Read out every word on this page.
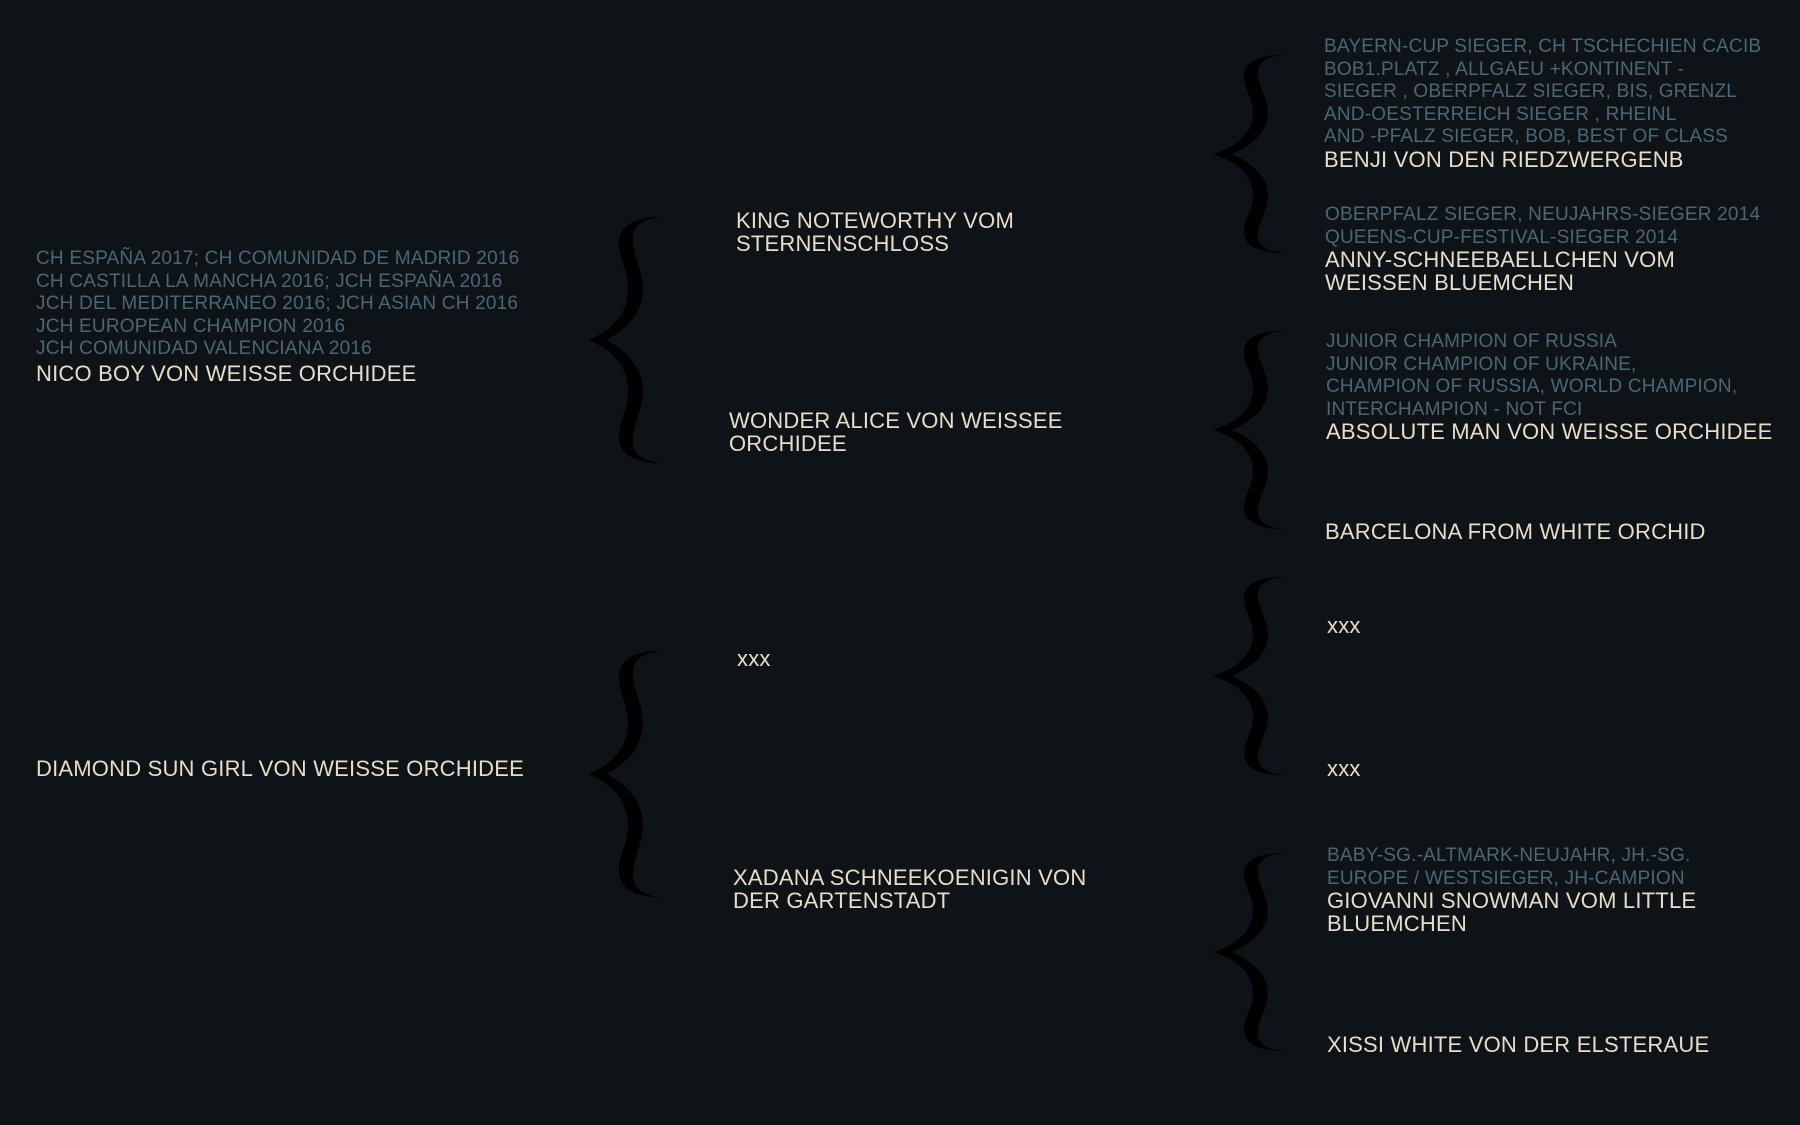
CH ESPAÑA 2017; CH COMUNIDAD DE MADRID 2016
CH CASTILLA LA MANCHA 2016; JCH ESPAÑA 2016
JCH DEL MEDITERRANEO 2016; JCH ASIAN CH 2016
JCH EUROPEAN CHAMPION 2016
JCH COMUNIDAD VALENCIANA 2016
NICO BOY VON WEISSE ORCHIDEE
DIAMOND SUN GIRL VON WEISSE ORCHIDEE
KING NOTEWORTHY VOM STERNENSCHLOSS
WONDER ALICE VON WEISSEE ORCHIDEE
xxx
XADANA SCHNEEKOENIGIN VON DER GARTENSTADT
BAYERN-CUP SIEGER, CH TSCHECHIEN CACIB
BOB1.PLATZ , ALLGAEU +KONTINENT -
SIEGER , OBERPFALZ SIEGER, BIS, GRENZL
AND-OESTERREICH SIEGER , RHEINL
AND -PFALZ SIEGER, BOB, BEST OF CLASS
BENJI VON DEN RIEDZWERGENB
OBERPFALZ SIEGER, NEUJAHRS-SIEGER 2014
QUEENS-CUP-FESTIVAL-SIEGER 2014
ANNY-SCHNEEBAELLCHEN VOM WEISSEN BLUEMCHEN
JUNIOR CHAMPION OF RUSSIA
JUNIOR CHAMPION OF UKRAINE,
CHAMPION OF RUSSIA, WORLD CHAMPION,
INTERCHAMPION - NOT FCI
ABSOLUTE MAN VON WEISSE ORCHIDEE
BARCELONA FROM WHITE ORCHID
xxx
xxx
BABY-SG.-ALTMARK-NEUJAHR, JH.-SG.
EUROPE / WESTSIEGER, JH-CAMPION
GIOVANNI SNOWMAN VOM LITTLE BLUEMCHEN
XISSI WHITE VON DER ELSTERAUE
